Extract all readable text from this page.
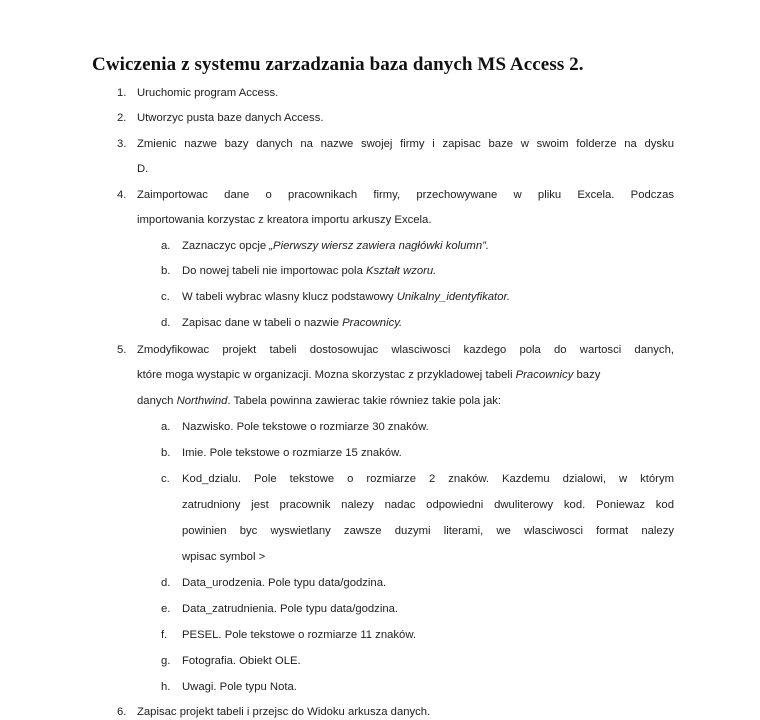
Cwiczenia z systemu zarzadzania baza danych MS Access 2.
1. Uruchomic program Access.
2. Utworzyc pusta baze danych Access.
3. Zmienic nazwe bazy danych na nazwe swojej firmy i zapisac baze w swoim folderze na dysku
D.
4. Zaimportowac dane o pracownikach firmy, przechowywane w pliku Excela. Podczas
importowania korzystac z kreatora importu arkuszy Excela.
a. Zaznaczyc opcje „Pierwszy wiersz zawiera nagłówki kolumn”.
b. Do nowej tabeli nie importowac pola Kształt wzoru.
c. W tabeli wybrac wlasny klucz podstawowy Unikalny_identyfikator.
d. Zapisac dane w tabeli o nazwie Pracownicy.
5. Zmodyfikowac projekt tabeli dostosowujac wlasciwosci kazdego pola do wartosci danych,
które moga wystapic w organizacji. Mozna skorzystac z przykladowej tabeli Pracownicy bazy
danych Northwind. Tabela powinna zawierac takie równiez takie pola jak:
a. Nazwisko. Pole tekstowe o rozmiarze 30 znaków.
b. Imie. Pole tekstowe o rozmiarze 15 znaków.
c. Kod_dzialu. Pole tekstowe o rozmiarze 2 znaków. Kazdemu dzialowi, w którym
zatrudniony jest pracownik nalezy nadac odpowiedni dwuliterowy kod. Poniewaz kod
powinien byc wyswietlany zawsze duzymi literami, we wlasciwosci format nalezy
wpisac symbol >
d. Data_urodzenia. Pole typu data/godzina.
e. Data_zatrudnienia. Pole typu data/godzina.
f. PESEL. Pole tekstowe o rozmiarze 11 znaków.
g. Fotografia. Obiekt OLE.
h. Uwagi. Pole typu Nota.
6. Zapisac projekt tabeli i przejsc do Widoku arkusza danych.
